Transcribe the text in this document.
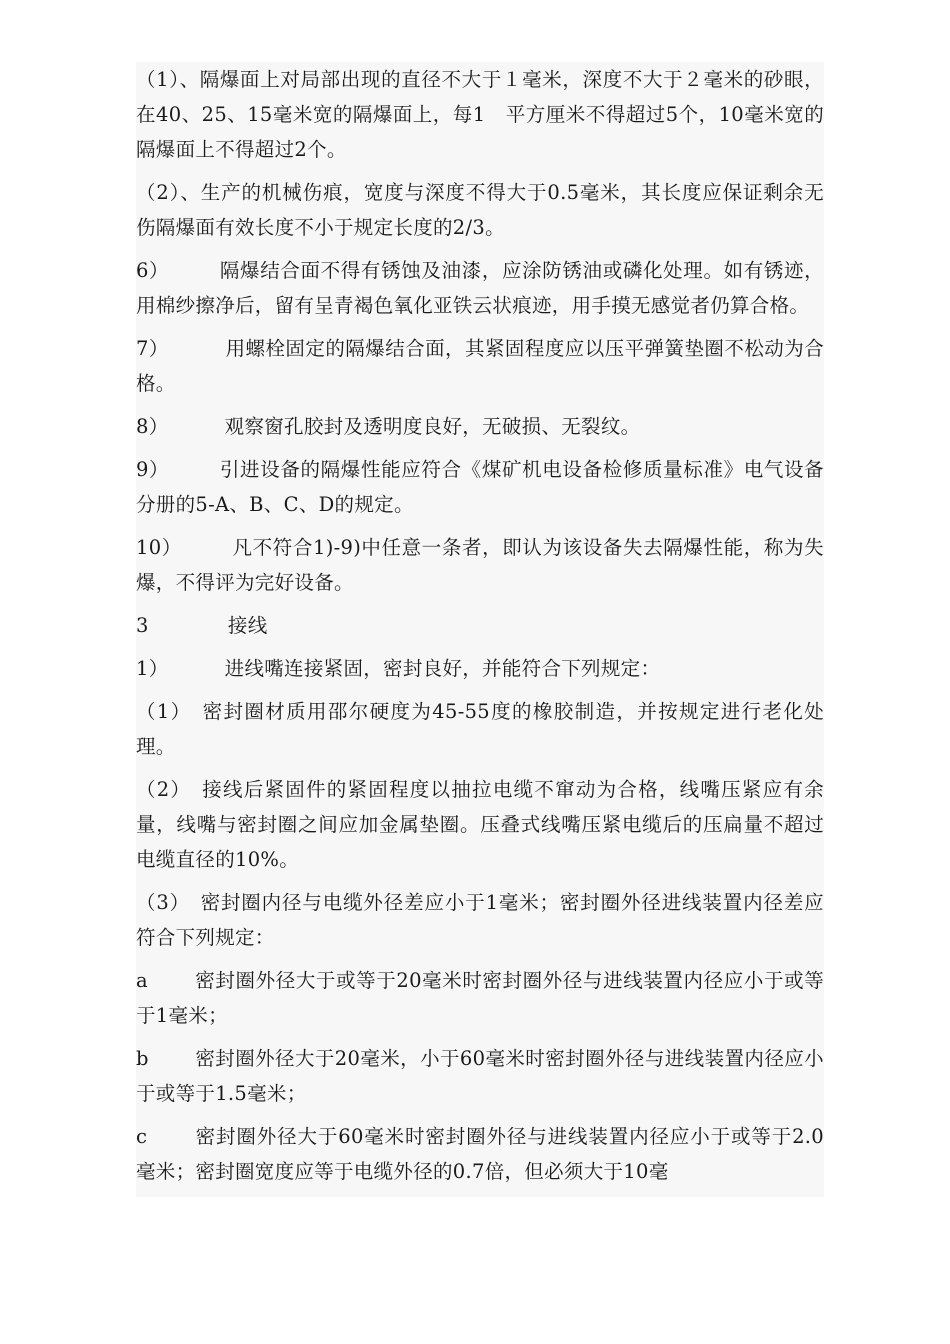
（1）、隔爆面上对局部出现的直径不大于１毫米，深度不大于２毫米的砂眼，在40、25、15毫米宽的隔爆面上，每1　平方厘米不得超过5个，10毫米宽的隔爆面上不得超过2个。

（2）、生产的机械伤痕，宽度与深度不得大于0.5毫米，其长度应保证剩余无伤隔爆面有效长度不小于规定长度的2/3。

6）　　　隔爆结合面不得有锈蚀及油漆，应涂防锈油或磷化处理。如有锈迹，用棉纱擦净后，留有呈青褐色氧化亚铁云状痕迹，用手摸无感觉者仍算合格。

7）　　　 用螺栓固定的隔爆结合面，其紧固程度应以压平弹簧垫圈不松动为合格。

8）　　　 观察窗孔胶封及透明度良好，无破损、无裂纹。

9）　　　引进设备的隔爆性能应符合《煤矿机电设备检修质量标准》电气设备分册的5-A、B、C、D的规定。

10）　　　凡不符合1)-9)中任意一条者，即认为该设备失去隔爆性能，称为失爆，不得评为完好设备。

3　　　　接线

1）　　　 进线嘴连接紧固，密封良好，并能符合下列规定：

（1）　密封圈材质用邵尔硬度为45-55度的橡胶制造，并按规定进行老化处理。

（2）　接线后紧固件的紧固程度以抽拉电缆不窜动为合格，线嘴压紧应有余量，线嘴与密封圈之间应加金属垫圈。压叠式线嘴压紧电缆后的压扁量不超过电缆直径的10%。

（3）　密封圈内径与电缆外径差应小于1毫米；密封圈外径进线装置内径差应符合下列规定：

a　　 密封圈外径大于或等于20毫米时密封圈外径与进线装置内径应小于或等于1毫米；

b　　 密封圈外径大于20毫米，小于60毫米时密封圈外径与进线装置内径应小于或等于1.5毫米；

c　　 密封圈外径大于60毫米时密封圈外径与进线装置内径应小于或等于2.0毫米；密封圈宽度应等于电缆外径的0.7倍，但必须大于10毫
